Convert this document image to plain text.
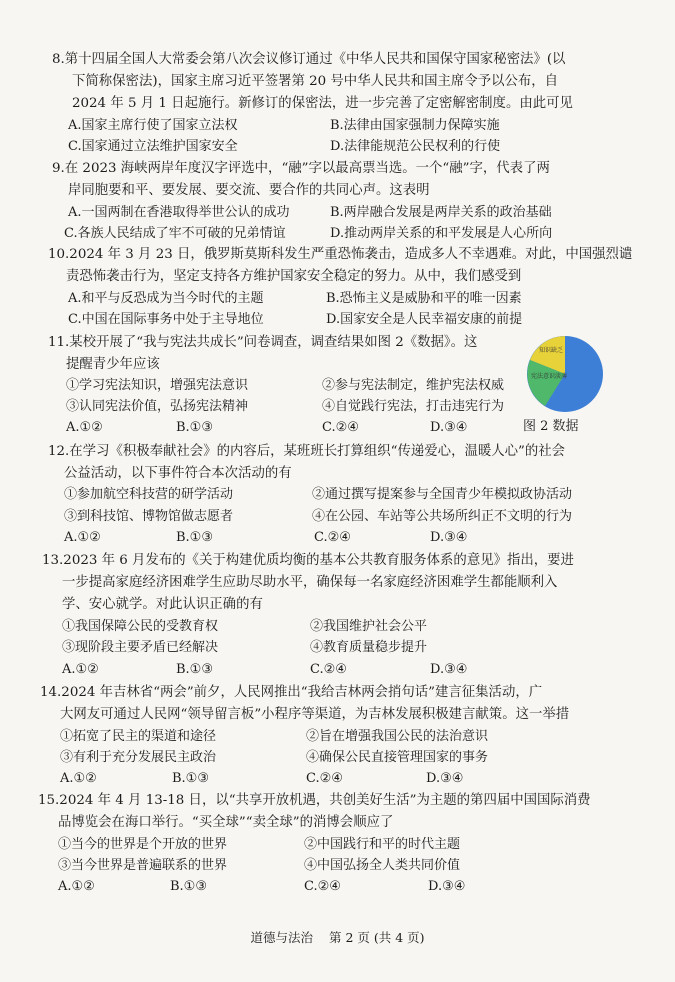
8.第十四届全国人大常委会第八次会议修订通过《中华人民共和国保守国家秘密法》(以
下简称保密法)，国家主席习近平签署第 20 号中华人民共和国主席令予以公布，自
2024 年 5 月 1 日起施行。新修订的保密法，进一步完善了定密解密制度。由此可见
A.国家主席行使了国家立法权	B.法律由国家强制力保障实施
C.国家通过立法维护国家安全	D.法律能规范公民权利的行使
9.在 2023 海峡两岸年度汉字评选中，“融”字以最高票当选。一个“融”字，代表了两
岸同胞要和平、要发展、要交流、要合作的共同心声。这表明
A.一国两制在香港取得举世公认的成功	B.两岸融合发展是两岸关系的政治基础
C.各族人民结成了牢不可破的兄弟情谊	D.推动两岸关系的和平发展是人心所向
10.2024 年 3 月 23 日，俄罗斯莫斯科发生严重恐怖袭击，造成多人不幸遇难。对此，中国强烈谴
责恐怖袭击行为，坚定支持各方维护国家安全稳定的努力。从中，我们感受到
A.和平与反恐成为当今时代的主题	B.恐怖主义是威胁和平的唯一因素
C.中国在国际事务中处于主导地位	D.国家安全是人民幸福安康的前提
11.某校开展了“我与宪法共成长”问卷调查，调查结果如图 2《数据》。这
提醒青少年应该
①学习宪法知识，增强宪法意识	②参与宪法制定，维护宪法权威
③认同宪法价值，弘扬宪法精神	④自觉践行宪法，打击违宪行为
A.①②	B.①③	C.②④	D.③④
知识缺乏
宪法意识淡薄
图 2 数据
12.在学习《积极奉献社会》的内容后，某班班长打算组织“传递爱心，温暖人心”的社会
公益活动，以下事件符合本次活动的有
①参加航空科技营的研学活动	②通过撰写提案参与全国青少年模拟政协活动
③到科技馆、博物馆做志愿者	④在公园、车站等公共场所纠正不文明的行为
A.①②	B.①③	C.②④	D.③④
13.2023 年 6 月发布的《关于构建优质均衡的基本公共教育服务体系的意见》指出，要进
一步提高家庭经济困难学生应助尽助水平，确保每一名家庭经济困难学生都能顺利入
学、安心就学。对此认识正确的有
①我国保障公民的受教育权	②我国维护社会公平
③现阶段主要矛盾已经解决	④教育质量稳步提升
A.①②	B.①③	C.②④	D.③④
14.2024 年吉林省“两会”前夕，人民网推出“我给吉林两会捎句话”建言征集活动，广
大网友可通过人民网“领导留言板”小程序等渠道，为吉林发展积极建言献策。这一举措
①拓宽了民主的渠道和途径	②旨在增强我国公民的法治意识
③有利于充分发展民主政治	④确保公民直接管理国家的事务
A.①②	B.①③	C.②④	D.③④
15.2024 年 4 月 13-18 日，以“共享开放机遇，共创美好生活”为主题的第四届中国国际消费
品博览会在海口举行。“买全球”“卖全球”的消博会顺应了
①当今的世界是个开放的世界	②中国践行和平的时代主题
③当今世界是普遍联系的世界	④中国弘扬全人类共同价值
A.①②	B.①③	C.②④	D.③④
道德与法治 第 2 页 (共 4 页)
